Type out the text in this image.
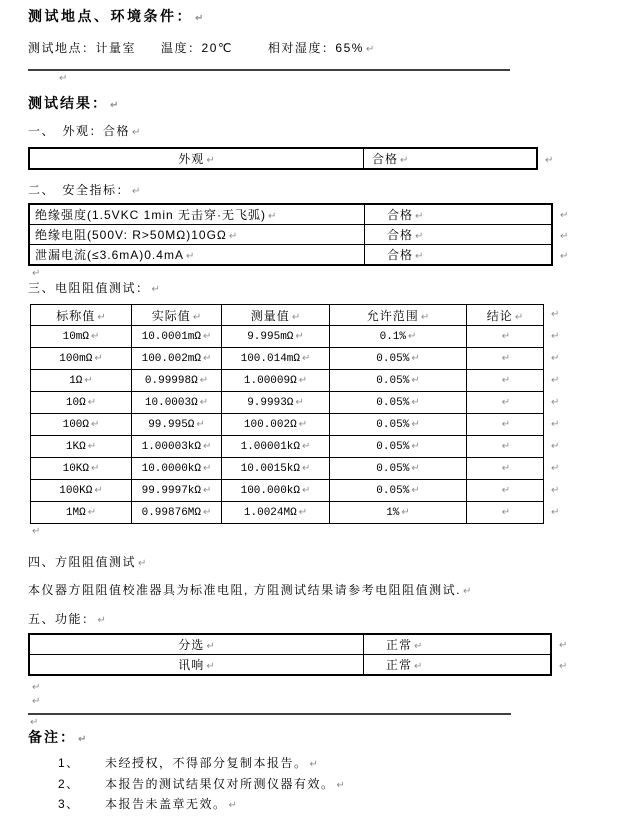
测试地点、环境条件： ↵
测试地点：计量室 温度：20℃	相对湿度：65% ↵
↵
测试结果： ↵
一、　外观：合格 ↵
外观 ↵	合格 ↵	↵
二、　安全指标： ↵
绝缘强度(1.5VKC 1min 无击穿·无飞弧) ↵	合格 ↵	↵
绝缘电阻(500V: R>50MΩ)10GΩ ↵	合格 ↵	↵
泄漏电流(≤3.6mA)0.4mA ↵	合格 ↵	↵
↵
三、电阻阻值测试： ↵
标称值 ↵	实际值 ↵	测量值 ↵	允许范围 ↵	结论 ↵	↵
10mΩ ↵	10.0001mΩ ↵	9.995mΩ ↵	0.1% ↵	↵	↵
100mΩ ↵	100.002mΩ ↵	100.014mΩ ↵	0.05% ↵	↵	↵
1Ω ↵	0.99998Ω ↵	1.00009Ω ↵	0.05% ↵	↵	↵
10Ω ↵	10.0003Ω ↵	9.9993Ω ↵	0.05% ↵	↵	↵
100Ω ↵	99.995Ω ↵	100.002Ω ↵	0.05% ↵	↵	↵
1KΩ ↵	1.00003kΩ ↵	1.00001kΩ ↵	0.05% ↵	↵	↵
10KΩ ↵	10.0000kΩ ↵	10.0015kΩ ↵	0.05% ↵	↵	↵
100KΩ ↵	99.9997kΩ ↵	100.000kΩ ↵	0.05% ↵	↵	↵
1MΩ ↵	0.99876MΩ ↵	1.0024MΩ ↵	1% ↵	↵	↵
↵
四、方阻阻值测试 ↵
本仪器方阻阻值校准器具为标准电阻, 方阻测试结果请参考电阻阻值测试. ↵
五、功能： ↵
分选 ↵	正常 ↵	↵
讯响 ↵	正常 ↵	↵
↵
↵
↵
备注： ↵
1、	未经授权，不得部分复制本报告。 ↵
2、	本报告的测试结果仅对所测仪器有效。 ↵
3、	本报告未盖章无效。 ↵
